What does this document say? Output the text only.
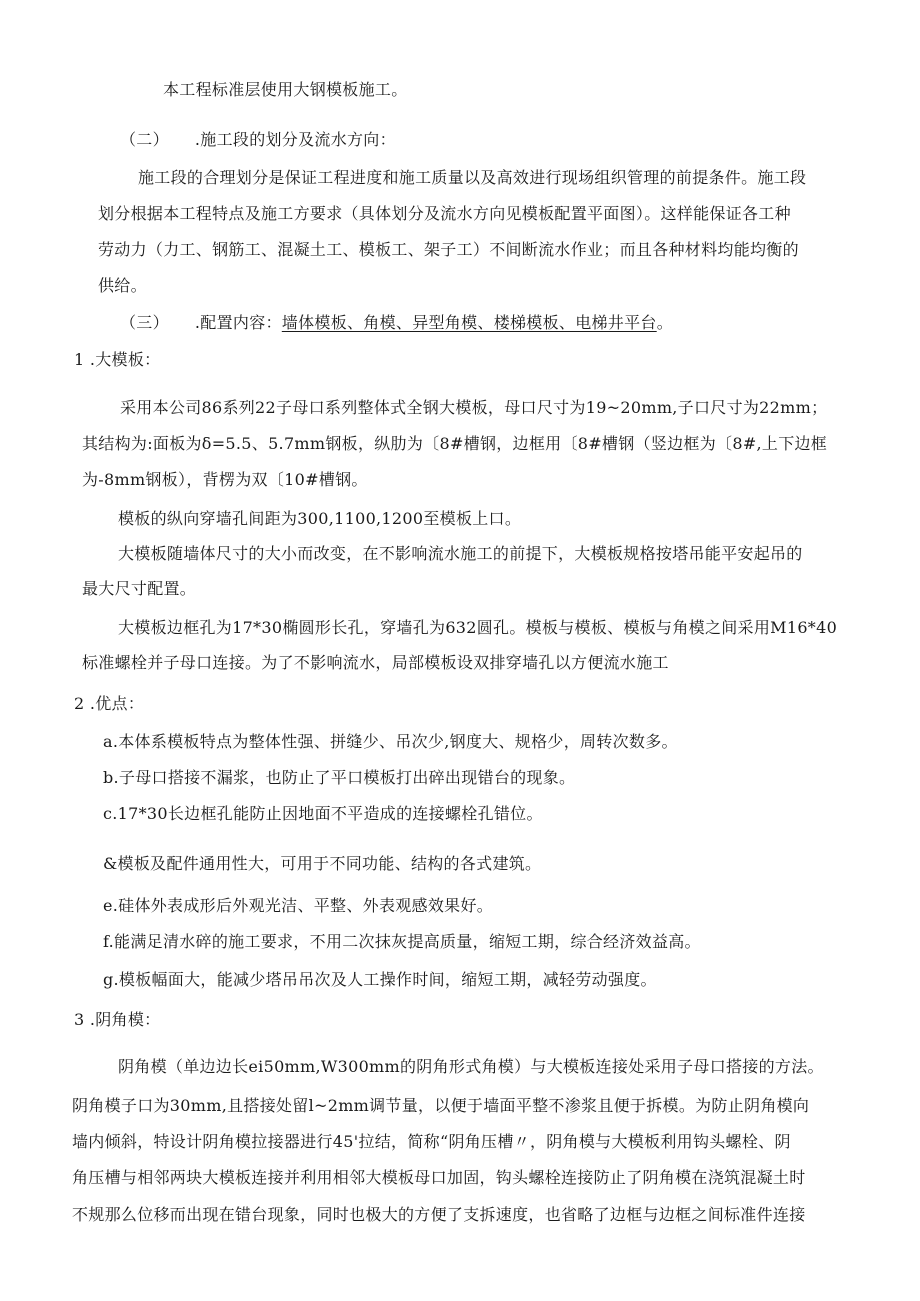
本工程标准层使用大钢模板施工。
（二） .施工段的划分及流水方向：
施工段的合理划分是保证工程进度和施工质量以及高效进行现场组织管理的前提条件。施工段
划分根据本工程特点及施工方要求（具体划分及流水方向见模板配置平面图）。这样能保证各工种
劳动力（力工、钢筋工、混凝土工、模板工、架子工）不间断流水作业；而且各种材料均能均衡的
供给。
（三） .配置内容：墙体模板、角模、异型角模、楼梯模板、电梯井平台。
1 .大模板：
采用本公司86系列22子母口系列整体式全钢大模板，母口尺寸为19~20mm,子口尺寸为22mm；
其结构为:面板为δ=5.5、5.7mm钢板，纵肋为〔8#槽钢，边框用〔8#槽钢（竖边框为〔8#,上下边框
为-8mm钢板），背楞为双〔10#槽钢。
模板的纵向穿墙孔间距为300,1100,1200至模板上口。
大模板随墙体尺寸的大小而改变，在不影响流水施工的前提下，大模板规格按塔吊能平安起吊的
最大尺寸配置。
大模板边框孔为17*30椭圆形长孔，穿墙孔为632圆孔。模板与模板、模板与角模之间采用M16*40
标准螺栓并子母口连接。为了不影响流水，局部模板设双排穿墙孔以方便流水施工
2 .优点：
a.本体系模板特点为整体性强、拼缝少、吊次少,钢度大、规格少，周转次数多。
b.子母口搭接不漏浆，也防止了平口模板打出碎出现错台的现象。
c.17*30长边框孔能防止因地面不平造成的连接螺栓孔错位。
&模板及配件通用性大，可用于不同功能、结构的各式建筑。
e.硅体外表成形后外观光洁、平整、外表观感效果好。
f.能满足清水碎的施工要求，不用二次抹灰提高质量，缩短工期，综合经济效益高。
g.模板幅面大，能减少塔吊吊次及人工操作时间，缩短工期，减轻劳动强度。
3 .阴角模：
阴角模（单边边长ei50mm,W300mm的阴角形式角模）与大模板连接处采用子母口搭接的方法。
阴角模子口为30mm,且搭接处留l~2mm调节量，以便于墙面平整不渗浆且便于拆模。为防止阴角模向
墙内倾斜，特设计阴角模拉接器进行45'拉结，简称“阴角压槽〃，阴角模与大模板利用钩头螺栓、阴
角压槽与相邻两块大模板连接并利用相邻大模板母口加固，钩头螺栓连接防止了阴角模在浇筑混凝土时
不规那么位移而出现在错台现象，同时也极大的方便了支拆速度，也省略了边框与边框之间标准件连接
